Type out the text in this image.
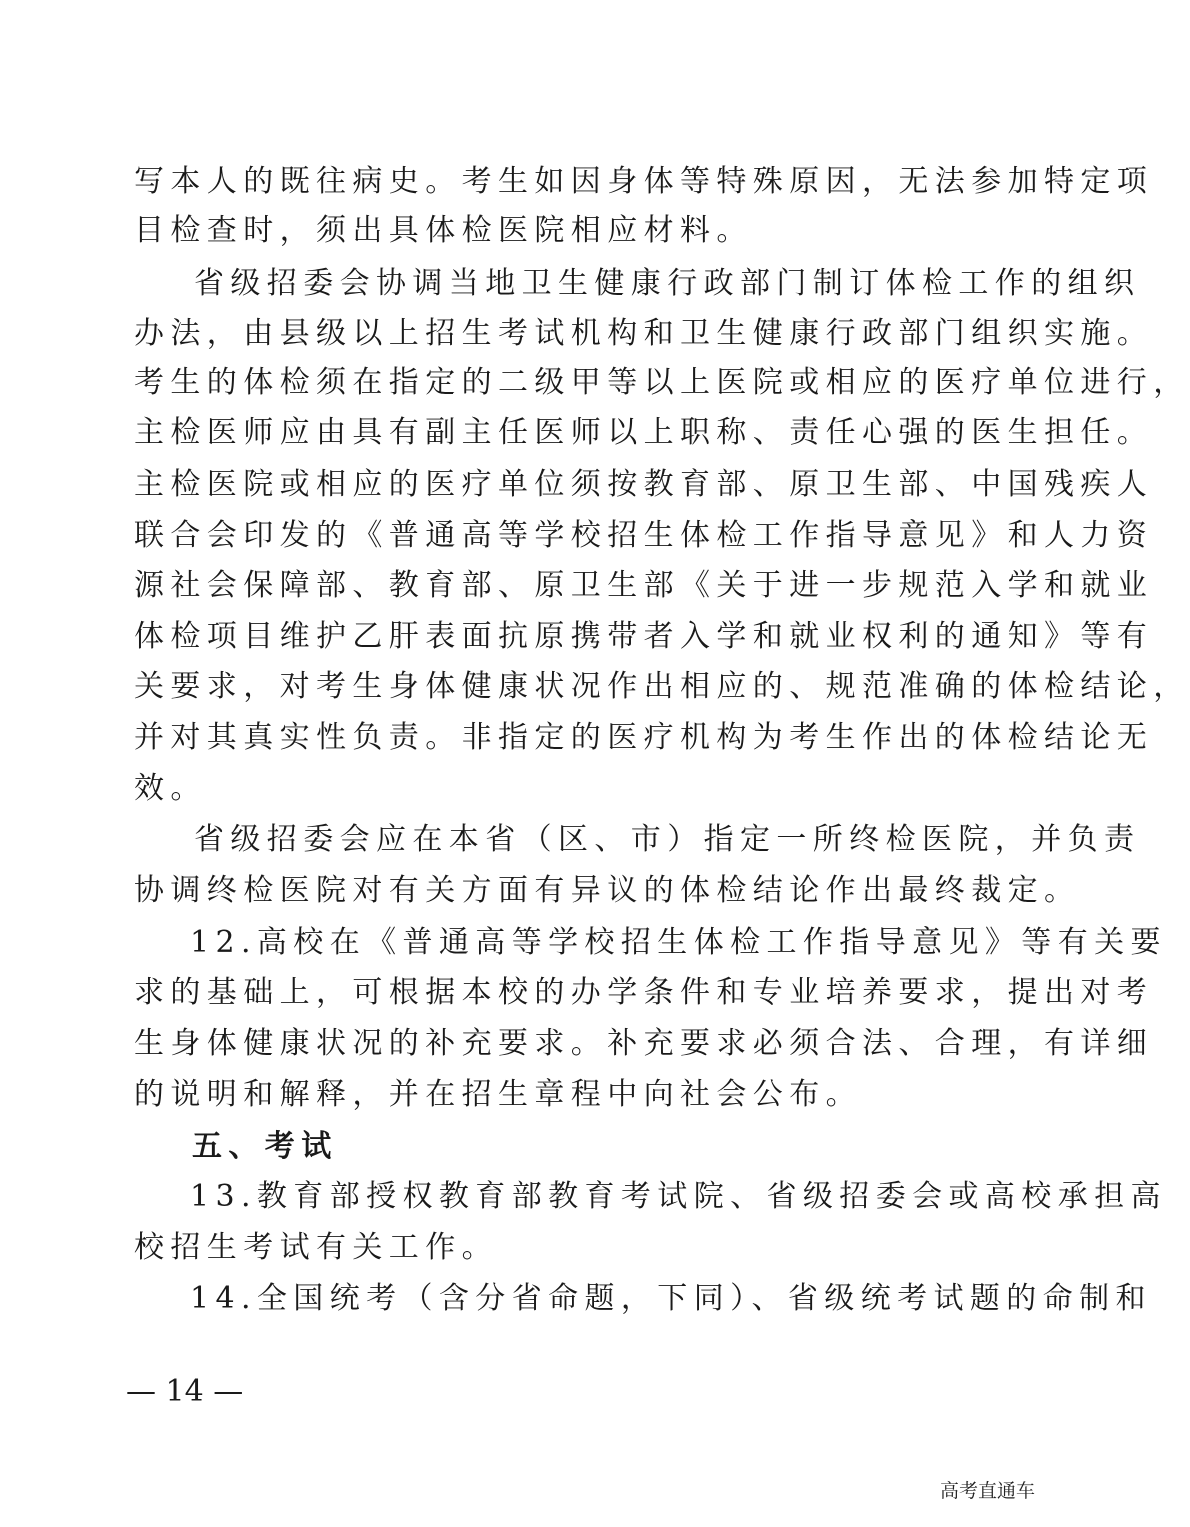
写本人的既往病史。考生如因身体等特殊原因，无法参加特定项
目检查时，须出具体检医院相应材料。
省级招委会协调当地卫生健康行政部门制订体检工作的组织
办法，由县级以上招生考试机构和卫生健康行政部门组织实施。
考生的体检须在指定的二级甲等以上医院或相应的医疗单位进行，
主检医师应由具有副主任医师以上职称、责任心强的医生担任。
主检医院或相应的医疗单位须按教育部、原卫生部、中国残疾人
联合会印发的《普通高等学校招生体检工作指导意见》和人力资
源社会保障部、教育部、原卫生部《关于进一步规范入学和就业
体检项目维护乙肝表面抗原携带者入学和就业权利的通知》等有
关要求，对考生身体健康状况作出相应的、规范准确的体检结论，
并对其真实性负责。非指定的医疗机构为考生作出的体检结论无
效。
省级招委会应在本省（区、市）指定一所终检医院，并负责
协调终检医院对有关方面有异议的体检结论作出最终裁定。
12.高校在《普通高等学校招生体检工作指导意见》等有关要
求的基础上，可根据本校的办学条件和专业培养要求，提出对考
生身体健康状况的补充要求。补充要求必须合法、合理，有详细
的说明和解释，并在招生章程中向社会公布。
五、考试
13.教育部授权教育部教育考试院、省级招委会或高校承担高
校招生考试有关工作。
14.全国统考（含分省命题，下同）、省级统考试题的命制和
— 14 —
高考直通车
